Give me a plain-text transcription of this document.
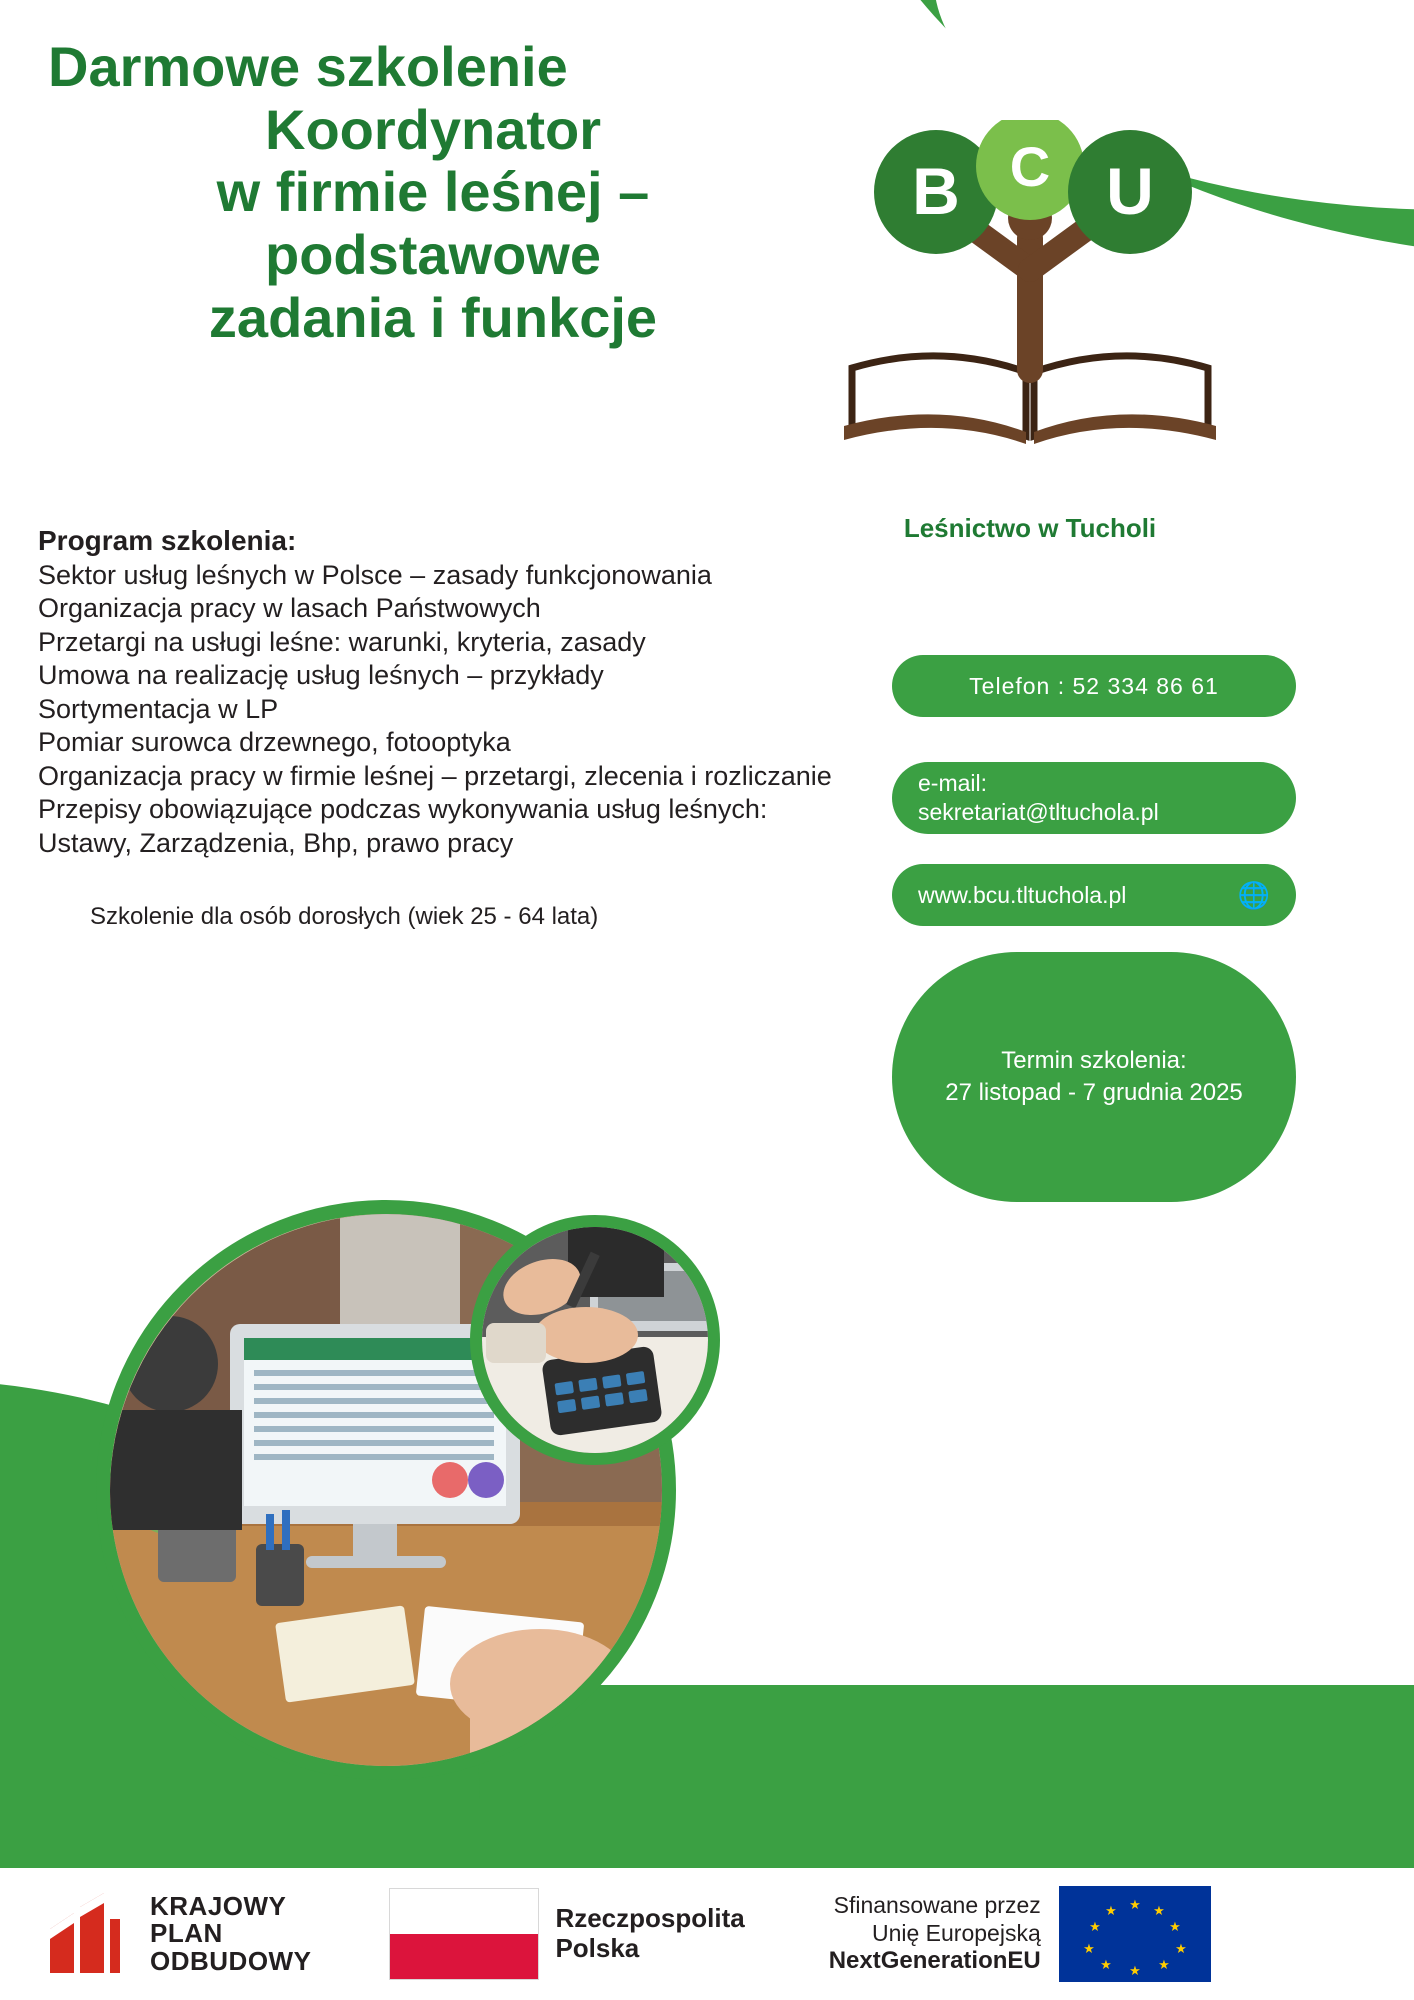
Darmowe szkolenie
Koordynator
w firmie leśnej –
podstawowe
zadania i funkcje
B C U
Leśnictwo w Tucholi
Program szkolenia:

Sektor usług leśnych w Polsce – zasady funkcjonowania

Organizacja pracy w lasach Państwowych

Przetargi na usługi leśne: warunki, kryteria, zasady

Umowa na realizację usług leśnych – przykłady

Sortymentacja w LP

Pomiar surowca drzewnego, fotooptyka

Organizacja pracy w firmie leśnej – przetargi, zlecenia i rozliczanie

Przepisy obowiązujące podczas wykonywania usług leśnych: Ustawy, Zarządzenia, Bhp, prawo pracy

Szkolenie dla osób dorosłych (wiek 25 - 64 lata)

Telefon : 52 334 86 61
e-mail:
sekretariat@tltuchola.pl
www.bcu.tltuchola.pl	🌐
Termin szkolenia:
27 listopad - 7 grudnia 2025
KRAJOWY
PLAN
ODBUDOWY
Rzeczpospolita
Polska
Sfinansowane przez
Unię Europejską
NextGenerationEU
★ ★
★
★
★
★
★
★
★
★
